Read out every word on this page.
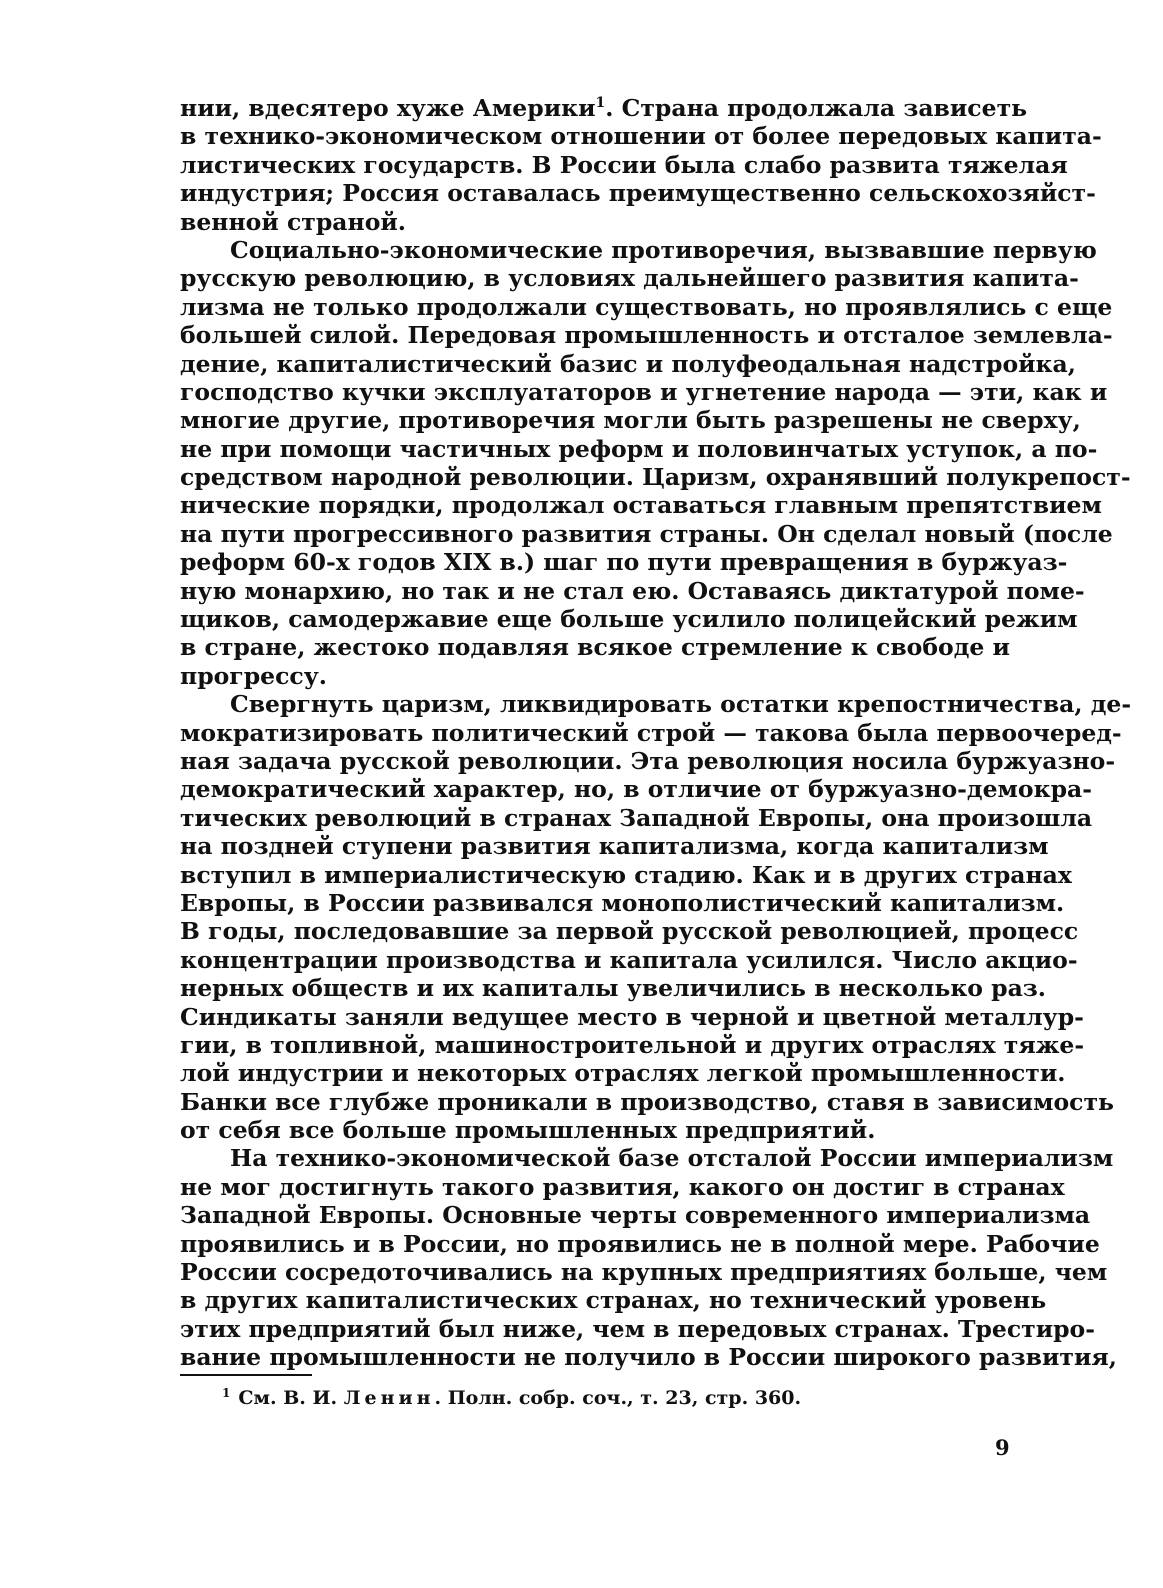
нии, вдесятеро хуже Америки$^1$. Страна продолжала зависеть
в технико-экономическом отношении от более передовых капита-
листических государств. В России была слабо развита тяжелая
индустрия; Россия оставалась преимущественно сельскохозяйст-
венной страной.
Социально-экономические противоречия, вызвавшие первую
русскую революцию, в условиях дальнейшего развития капита-
лизма не только продолжали существовать, но проявлялись с еще
большей силой. Передовая промышленность и отсталое землевла-
дение, капиталистический базис и полуфеодальная надстройка,
господство кучки эксплуататоров и угнетение народа — эти, как и
многие другие, противоречия могли быть разрешены не сверху,
не при помощи частичных реформ и половинчатых уступок, а по-
средством народной революции. Царизм, охранявший полукрепост-
нические порядки, продолжал оставаться главным препятствием
на пути прогрессивного развития страны. Он сделал новый (после
реформ 60-х годов XIX в.) шаг по пути превращения в буржуаз-
ную монархию, но так и не стал ею. Оставаясь диктатурой поме-
щиков, самодержавие еще больше усилило полицейский режим
в стране, жестоко подавляя всякое стремление к свободе и
прогрессу.
Свергнуть царизм, ликвидировать остатки крепостничества, де-
мократизировать политический строй — такова была первоочеред-
ная задача русской революции. Эта революция носила буржуазно-
демократический характер, но, в отличие от буржуазно-демокра-
тических революций в странах Западной Европы, она произошла
на поздней ступени развития капитализма, когда капитализм
вступил в империалистическую стадию. Как и в других странах
Европы, в России развивался монополистический капитализм.
В годы, последовавшие за первой русской революцией, процесс
концентрации производства и капитала усилился. Число акцио-
нерных обществ и их капиталы увеличились в несколько раз.
Синдикаты заняли ведущее место в черной и цветной металлур-
гии, в топливной, машиностроительной и других отраслях тяже-
лой индустрии и некоторых отраслях легкой промышленности.
Банки все глубже проникали в производство, ставя в зависимость
от себя все больше промышленных предприятий.
На технико-экономической базе отсталой России империализм
не мог достигнуть такого развития, какого он достиг в странах
Западной Европы. Основные черты современного империализма
проявились и в России, но проявились не в полной мере. Рабочие
России сосредоточивались на крупных предприятиях больше, чем
в других капиталистических странах, но технический уровень
этих предприятий был ниже, чем в передовых странах. Трестиро-
вание промышленности не получило в России широкого развития,
$^1$ См. В. И. Ленин. Полн. собр. соч., т. 23, стр. 360.
9
